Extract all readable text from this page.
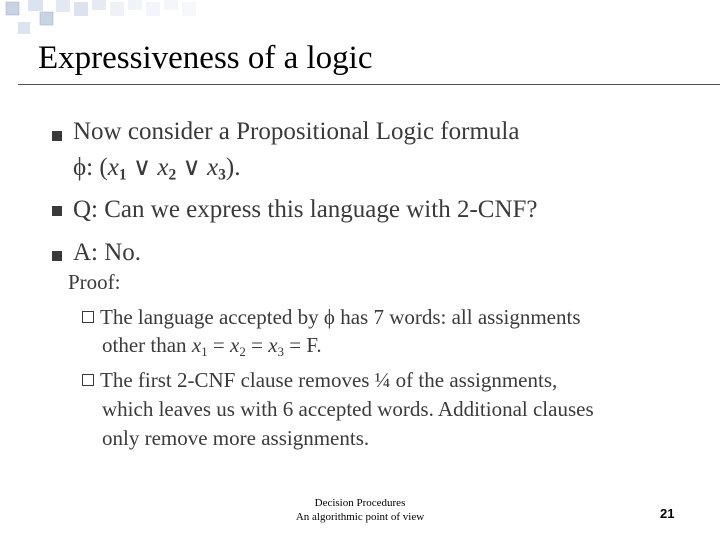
Expressiveness of a logic
Now consider a Propositional Logic formula
ϕ: ($x_1$ ∨ $x_2$ ∨ $x_3$).
Q: Can we express this language with 2-CNF?
A: No.
Proof:
The language accepted by ϕ has 7 words: all assignments
other than $x_1 = x_2 = x_3 = F$.
The first 2-CNF clause removes ¼ of the assignments,
which leaves us with 6 accepted words. Additional clauses
only remove more assignments.
Decision Procedures
An algorithmic point of view	21
